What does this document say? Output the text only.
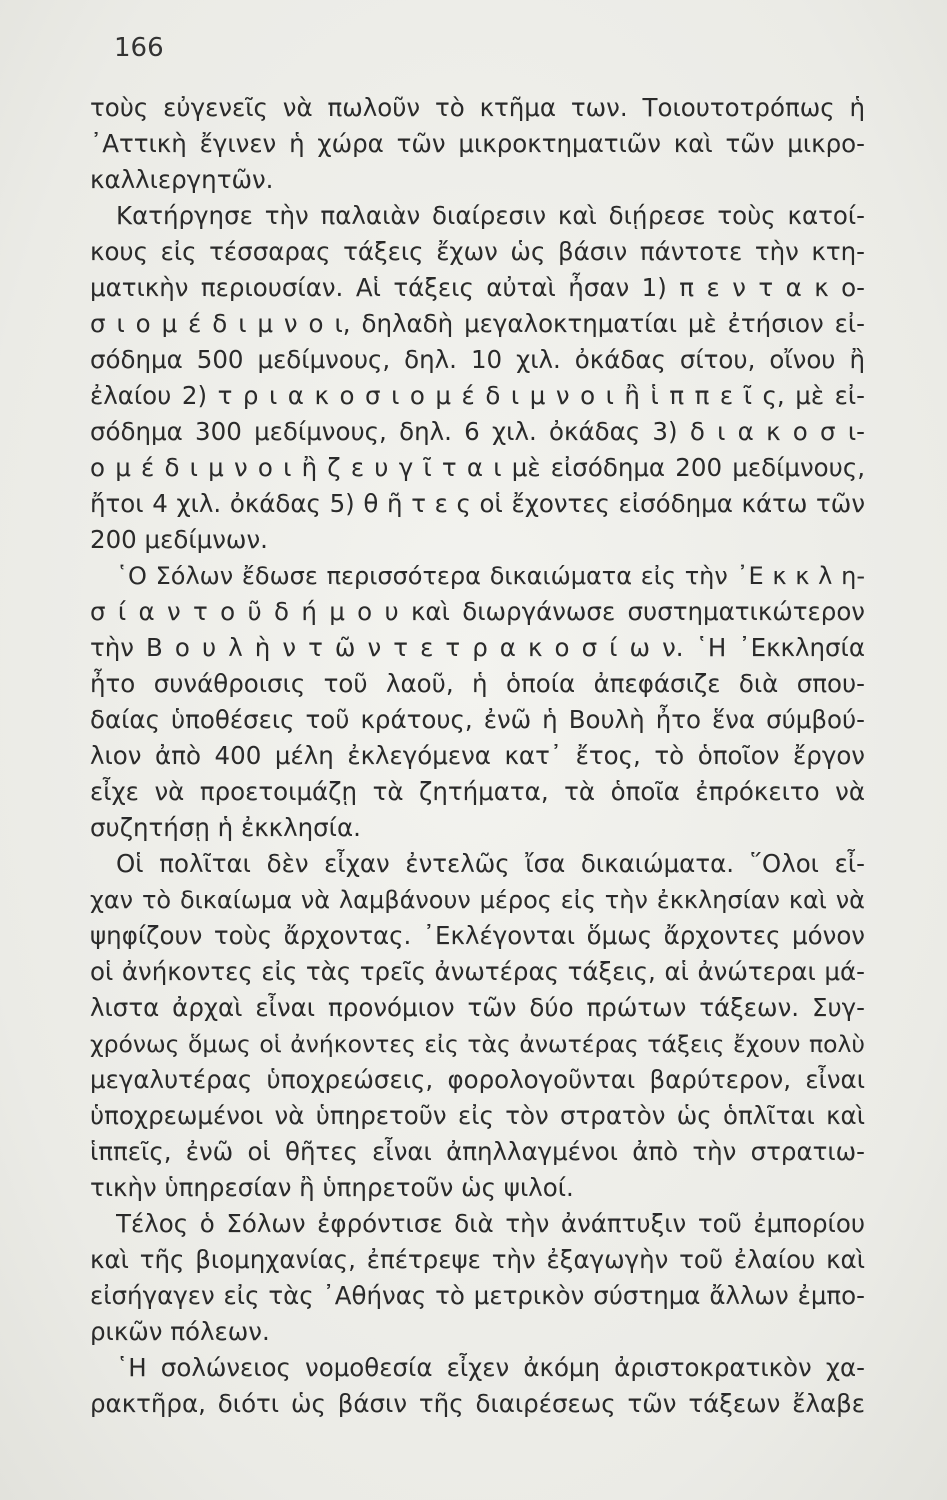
166
τοὺς εὐγενεῖς νὰ πωλοῦν τὸ κτῆμα των. Τοιουτοτρόπως ἡ
᾿Αττικὴ ἔγινεν ἡ χώρα τῶν μικροκτηματιῶν καὶ τῶν μικρο-
καλλιεργητῶν.
Κατήργησε τὴν παλαιὰν διαίρεσιν καὶ διῄρεσε τοὺς κατοί-
κους εἰς τέσσαρας τάξεις ἔχων ὡς βάσιν πάντοτε τὴν κτη-
ματικὴν περιουσίαν. Αἱ τάξεις αὐταὶ ἦσαν 1) π ε ν τ α κ ο-
σ ι ο μ έ δ ι μ ν ο ι, δηλαδὴ μεγαλοκτηματίαι μὲ ἐτήσιον εἰ-
σόδημα 500 μεδίμνους, δηλ. 10 χιλ. ὀκάδας σίτου, οἴνου ἢ
ἐλαίου 2) τ ρ ι α κ ο σ ι ο μ έ δ ι μ ν ο ι ἢ ἱ π π ε ῖ ς, μὲ εἰ-
σόδημα 300 μεδίμνους, δηλ. 6 χιλ. ὀκάδας 3) δ ι α κ ο σ ι-
ο μ έ δ ι μ ν ο ι ἢ ζ ε υ γ ῖ τ α ι μὲ εἰσόδημα 200 μεδίμνους,
ἤτοι 4 χιλ. ὀκάδας 5) θ ῆ τ ε ς οἱ ἔχοντες εἰσόδημα κάτω τῶν
200 μεδίμνων.
῾Ο Σόλων ἔδωσε περισσότερα δικαιώματα εἰς τὴν ᾿Ε κ κ λ η-
σ ί α ν τ ο ῦ δ ή μ ο υ καὶ διωργάνωσε συστηματικώτερον
τὴν Β ο υ λ ὴ ν τ ῶ ν τ ε τ ρ α κ ο σ ί ω ν. ῾Η ᾿Εκκλησία
ἦτο συνάθροισις τοῦ λαοῦ, ἡ ὁποία ἀπεφάσιζε διὰ σπου-
δαίας ὑποθέσεις τοῦ κράτους, ἐνῶ ἡ Βουλὴ ἦτο ἕνα σύμβού-
λιον ἀπὸ 400 μέλη ἐκλεγόμενα κατ᾿ ἔτος, τὸ ὁποῖον ἔργον
εἶχε νὰ προετοιμάζῃ τὰ ζητήματα, τὰ ὁποῖα ἐπρόκειτο νὰ
συζητήσῃ ἡ ἐκκλησία.
Οἱ πολῖται δὲν εἶχαν ἐντελῶς ἴσα δικαιώματα. ῞Ολοι εἶ-
χαν τὸ δικαίωμα νὰ λαμβάνουν μέρος εἰς τὴν ἐκκλησίαν καὶ νὰ
ψηφίζουν τοὺς ἄρχοντας. ᾿Εκλέγονται ὅμως ἄρχοντες μόνον
οἱ ἀνήκοντες εἰς τὰς τρεῖς ἀνωτέρας τάξεις, αἱ ἀνώτεραι μά-
λιστα ἀρχαὶ εἶναι προνόμιον τῶν δύο πρώτων τάξεων. Συγ-
χρόνως ὅμως οἱ ἀνήκοντες εἰς τὰς ἀνωτέρας τάξεις ἔχουν πολὺ
μεγαλυτέρας ὑποχρεώσεις, φορολογοῦνται βαρύτερον, εἶναι
ὑποχρεωμένοι νὰ ὑπηρετοῦν εἰς τὸν στρατὸν ὡς ὁπλῖται καὶ
ἱππεῖς, ἐνῶ οἱ θῆτες εἶναι ἀπηλλαγμένοι ἀπὸ τὴν στρατιω-
τικὴν ὑπηρεσίαν ἢ ὑπηρετοῦν ὡς ψιλοί.
Τέλος ὁ Σόλων ἐφρόντισε διὰ τὴν ἀνάπτυξιν τοῦ ἐμπορίου
καὶ τῆς βιομηχανίας, ἐπέτρεψε τὴν ἐξαγωγὴν τοῦ ἐλαίου καὶ
εἰσήγαγεν εἰς τὰς ᾿Αθήνας τὸ μετρικὸν σύστημα ἄλλων ἐμπο-
ρικῶν πόλεων.
῾Η σολώνειος νομοθεσία εἶχεν ἀκόμη ἀριστοκρατικὸν χα-
ρακτῆρα, διότι ὡς βάσιν τῆς διαιρέσεως τῶν τάξεων ἔλαβε
